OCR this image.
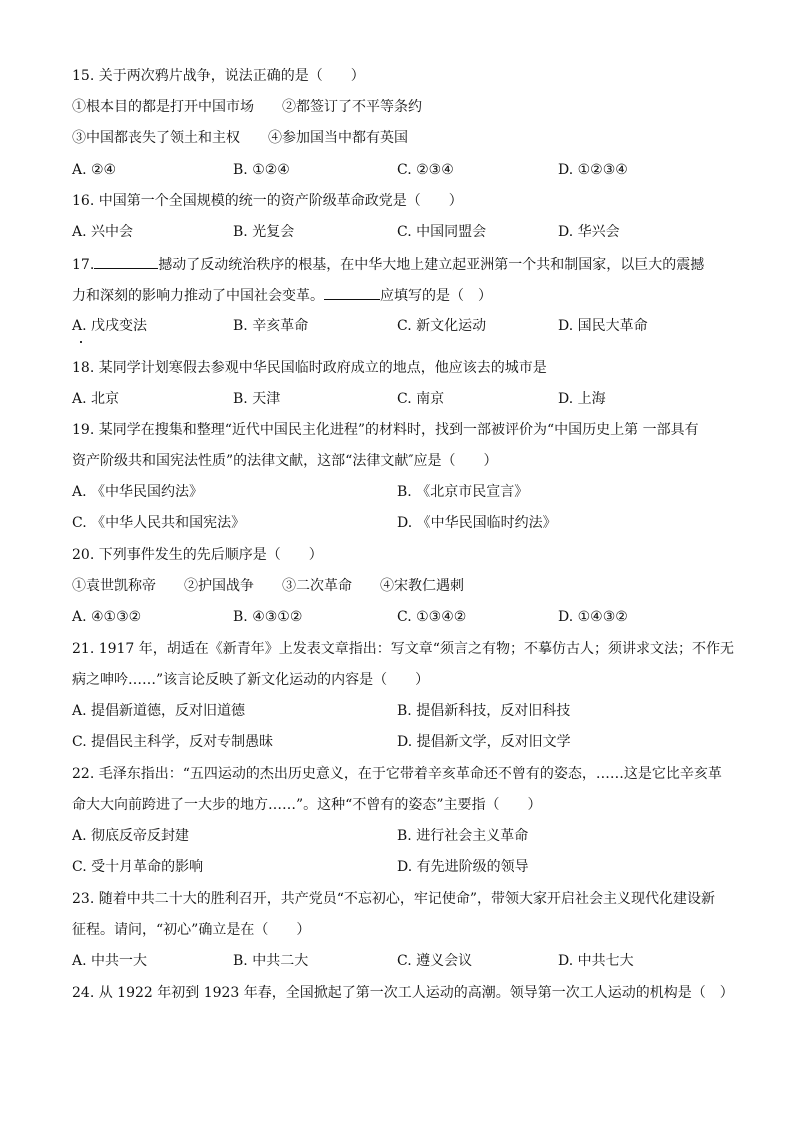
15. 关于两次鸦片战争，说法正确的是（　　）
①根本目的都是打开中国市场　　②都签订了不平等条约
③中国都丧失了领土和主权　　④参加国当中都有英国
A. ②④	B. ①②④	C. ②③④	D. ①②③④
16. 中国第一个全国规模的统一的资产阶级革命政党是（　　）
A. 兴中会	B. 光复会	C. 中国同盟会	D. 华兴会
17.	撼动了反动统治秩序的根基，在中华大地上建立起亚洲第一个共和制国家，以巨大的震撼
力和深刻的影响力推动了中国社会变革。	应填写的是（　）
A. 戊戌变法	B. 辛亥革命	C. 新文化运动	D. 国民大革命
18. 某同学计划寒假去参观中华民国临时政府成立的地点，他应该去的城市是
A. 北京	B. 天津	C. 南京	D. 上海
19. 某同学在搜集和整理“近代中国民主化进程”的材料时，找到一部被评价为“中国历史上第 一部具有
资产阶级共和国宪法性质”的法律文献，这部“法律文献″应是（　　）
A. 《中华民国约法》	B. 《北京市民宣言》
C. 《中华人民共和国宪法》	D. 《中华民国临时约法》
20. 下列事件发生的先后顺序是（　　）
①袁世凯称帝　　②护国战争　　③二次革命　　④宋教仁遇刺
A. ④①③②	B. ④③①②	C. ①③④②	D. ①④③②
21. 1917 年，胡适在《新青年》上发表文章指出：写文章“须言之有物；不摹仿古人；须讲求文法；不作无
病之呻吟……”该言论反映了新文化运动的内容是（　　）
A. 提倡新道德，反对旧道德	B. 提倡新科技，反对旧科技
C. 提倡民主科学，反对专制愚昧	D. 提倡新文学，反对旧文学
22. 毛泽东指出：“五四运动的杰出历史意义，在于它带着辛亥革命还不曾有的姿态，……这是它比辛亥革
命大大向前跨进了一大步的地方……”。这种“不曾有的姿态”主要指（　　）
A. 彻底反帝反封建	B. 进行社会主义革命
C. 受十月革命的影响	D. 有先进阶级的领导
23. 随着中共二十大的胜利召开，共产党员“不忘初心，牢记使命”，带领大家开启社会主义现代化建设新
征程。请问，“初心”确立是在（　　）
A. 中共一大	B. 中共二大	C. 遵义会议	D. 中共七大
24. 从 1922 年初到 1923 年春，全国掀起了第一次工人运动的高潮。领导第一次工人运动的机构是（　）
